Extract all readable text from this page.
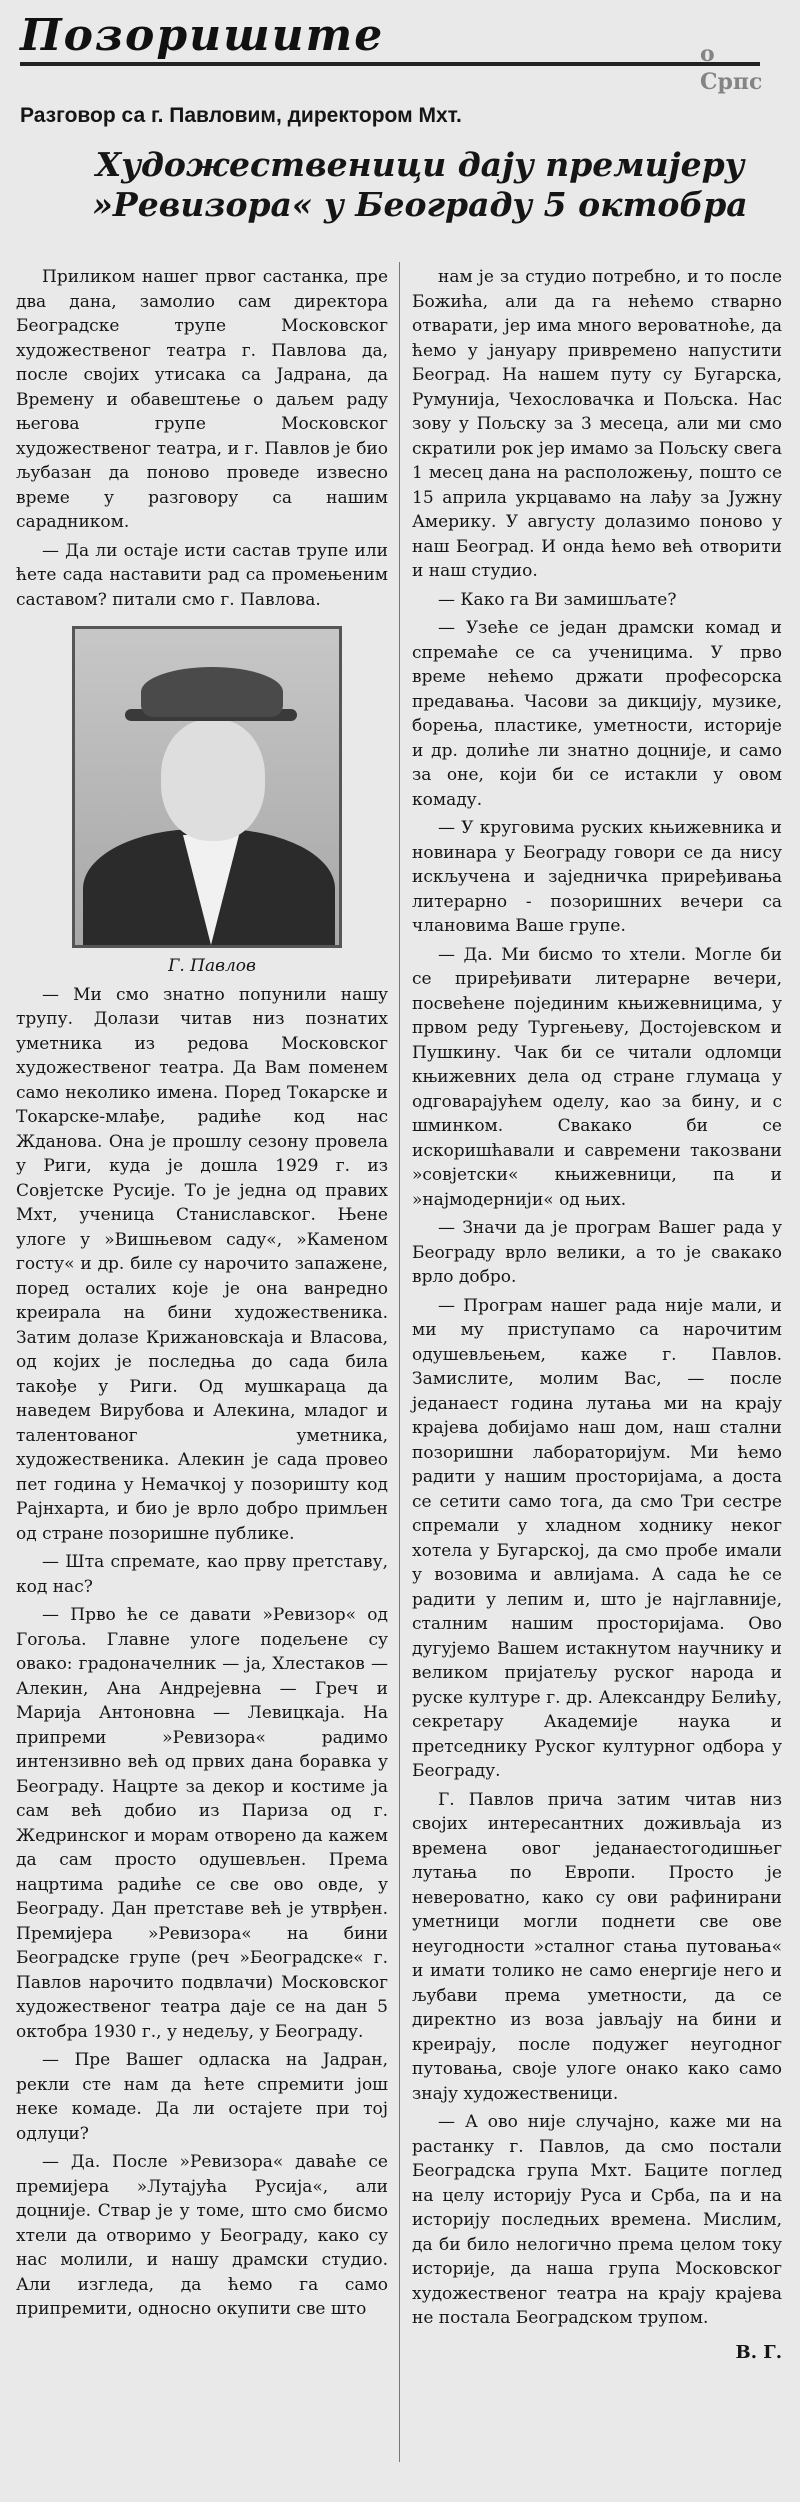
Позоришите	о
Српс
Разговор са г. Павловим, директором Мхт.
Художественици дају премијеру »Ревизора« у Београду 5 октобра

Приликом нашег првог састанка, пре два дана, замолио сам директора Београдске трупе Московског художественог театра г. Павлова да, после својих утисака са Јадрана, да Времену и обавештење о даљем раду његова групе Московског художественог театра, и г. Павлов је био љубазан да поново проведе извесно време у разговору са нашим сарадником.

— Да ли остаје исти састав трупе или ћете сада наставити рад са промењеним саставом? питали смо г. Павлова.

Г. Павлов

— Ми смо знатно попунили нашу трупу. Долази читав низ познатих уметника из редова Московског художественог театра. Да Вам поменем само неколико имена. Поред Токарске и Токарске-млађе, радиће код нас Жданова. Она је прошлу сезону провела у Риги, куда је дошла 1929 г. из Совјетске Русије. То је једна од правих Мхт, ученица Станиславског. Њене улоге у »Вишњевом саду«, »Каменом госту« и др. биле су нарочито запажене, поред осталих које је она ванредно креирала на бини художественика. Затим долазе Крижановскаја и Власова, од којих је последња до сада била такође у Риги. Од мушкараца да наведем Вирубова и Алекина, младог и талентованог уметника, художественика. Алекин је сада провео пет година у Немачкој у позоришту код Рајнхарта, и био је врло добро примљен од стране позоришне публике.

— Шта спремате, као прву претставу, код нас?

— Прво ће се давати »Ревизор« од Гогоља. Главне улоге подељене су овако: градоначелник — ја, Хлестаков — Алекин, Ана Андрејевна — Греч и Марија Антоновна — Левицкаја. На припреми »Ревизора« радимо интензивно већ од првих дана боравка у Београду. Нацрте за декор и костиме ја сам већ добио из Париза од г. Жедринског и морам отворено да кажем да сам просто одушевљен. Према нацртима радиће се све ово овде, у Београду. Дан претставе већ је утврђен. Премијера »Ревизора« на бини Београдске групе (реч »Београдске« г. Павлов нарочито подвлачи) Московског художественог театра даје се на дан 5 октобра 1930 г., у недељу, у Београду.

— Пре Вашег одласка на Јадран, рекли сте нам да ћете спремити још неке комаде. Да ли остајете при тој одлуци?

— Да. После »Ревизора« даваће се премијера »Лутајућа Русија«, али доцније. Ствар је у томе, што смо бисмо хтели да отворимо у Београду, како су нас молили, и нашу драмски студио. Али изгледа, да ћемо га само припремити, односно окупити све што

нам је за студио потребно, и то после Божића, али да га нећемо стварно отварати, јер има много вероватноће, да ћемо у јануару привремено напустити Београд. На нашем путу су Бугарска, Румунија, Чехословачка и Пољска. Нас зову у Пољску за 3 месеца, али ми смо скратили рок јер имамо за Пољску свега 1 месец дана на расположењу, пошто се 15 априла укрцавамо на лађу за Јужну Америку. У августу долазимо поново у наш Београд. И онда ћемо већ отворити и наш студио.

— Како га Ви замишљате?

— Узеће се један драмски комад и спремаће се са ученицима. У прво време нећемо држати професорска предавања. Часови за дикцију, музике, борења, пластике, уметности, историје и др. долиће ли знатно доцније, и само за оне, који би се истакли у овом комаду.

— У круговима руских књижевника и новинара у Београду говори се да нису искључена и заједничка приређивања литерарно - позоришних вечери са члановима Ваше групе.

— Да. Ми бисмо то хтели. Могле би се приређивати литерарне вечери, посвећене појединим књижевницима, у првом реду Тургењеву, Достојевском и Пушкину. Чак би се читали одломци књижевних дела од стране глумаца у одговарајућем оделу, као за бину, и с шминком. Свакако би се искоришћавали и савремени такозвани »совјетски« књижевници, па и »најмодернији« од њих.

— Значи да је програм Вашег рада у Београду врло велики, а то је свакако врло добро.

— Програм нашег рада није мали, и ми му приступамо са нарочитим одушевљењем, каже г. Павлов. Замислите, молим Вас, — после једанаест година лутања ми на крају крајева добијамо наш дом, наш стални позоришни лабораторијум. Ми ћемо радити у нашим просторијама, а доста се сетити само тога, да смо Три сестре спремали у хладном ходнику неког хотела у Бугарској, да смо пробе имали у возовима и авлијама. А сада ће се радити у лепим и, што је најглавније, сталним нашим просторијама. Ово дугујемо Вашем истакнутом научнику и великом пријатељу руског народа и руске културе г. др. Александру Белићу, секретару Академије наука и претседнику Руског културног одбора у Београду.

Г. Павлов прича затим читав низ својих интересантних доживљаја из времена овог једанаестогодишњег лутања по Европи. Просто је невероватно, како су ови рафинирани уметници могли поднети све ове неугодности »сталног стања путовања« и имати толико не само енергије него и љубави према уметности, да се директно из воза јављају на бини и креирају, после подужег неугодног путовања, своје улоге онако како само знају художественици.

— А ово није случајно, каже ми на растанку г. Павлов, да смо постали Београдска група Мхт. Баците поглед на целу историју Руса и Срба, па и на историју последњих времена. Мислим, да би било нелогично према целом току историје, да наша група Московског художественог театра на крају крајева не постала Београдском трупом.

В. Г.
